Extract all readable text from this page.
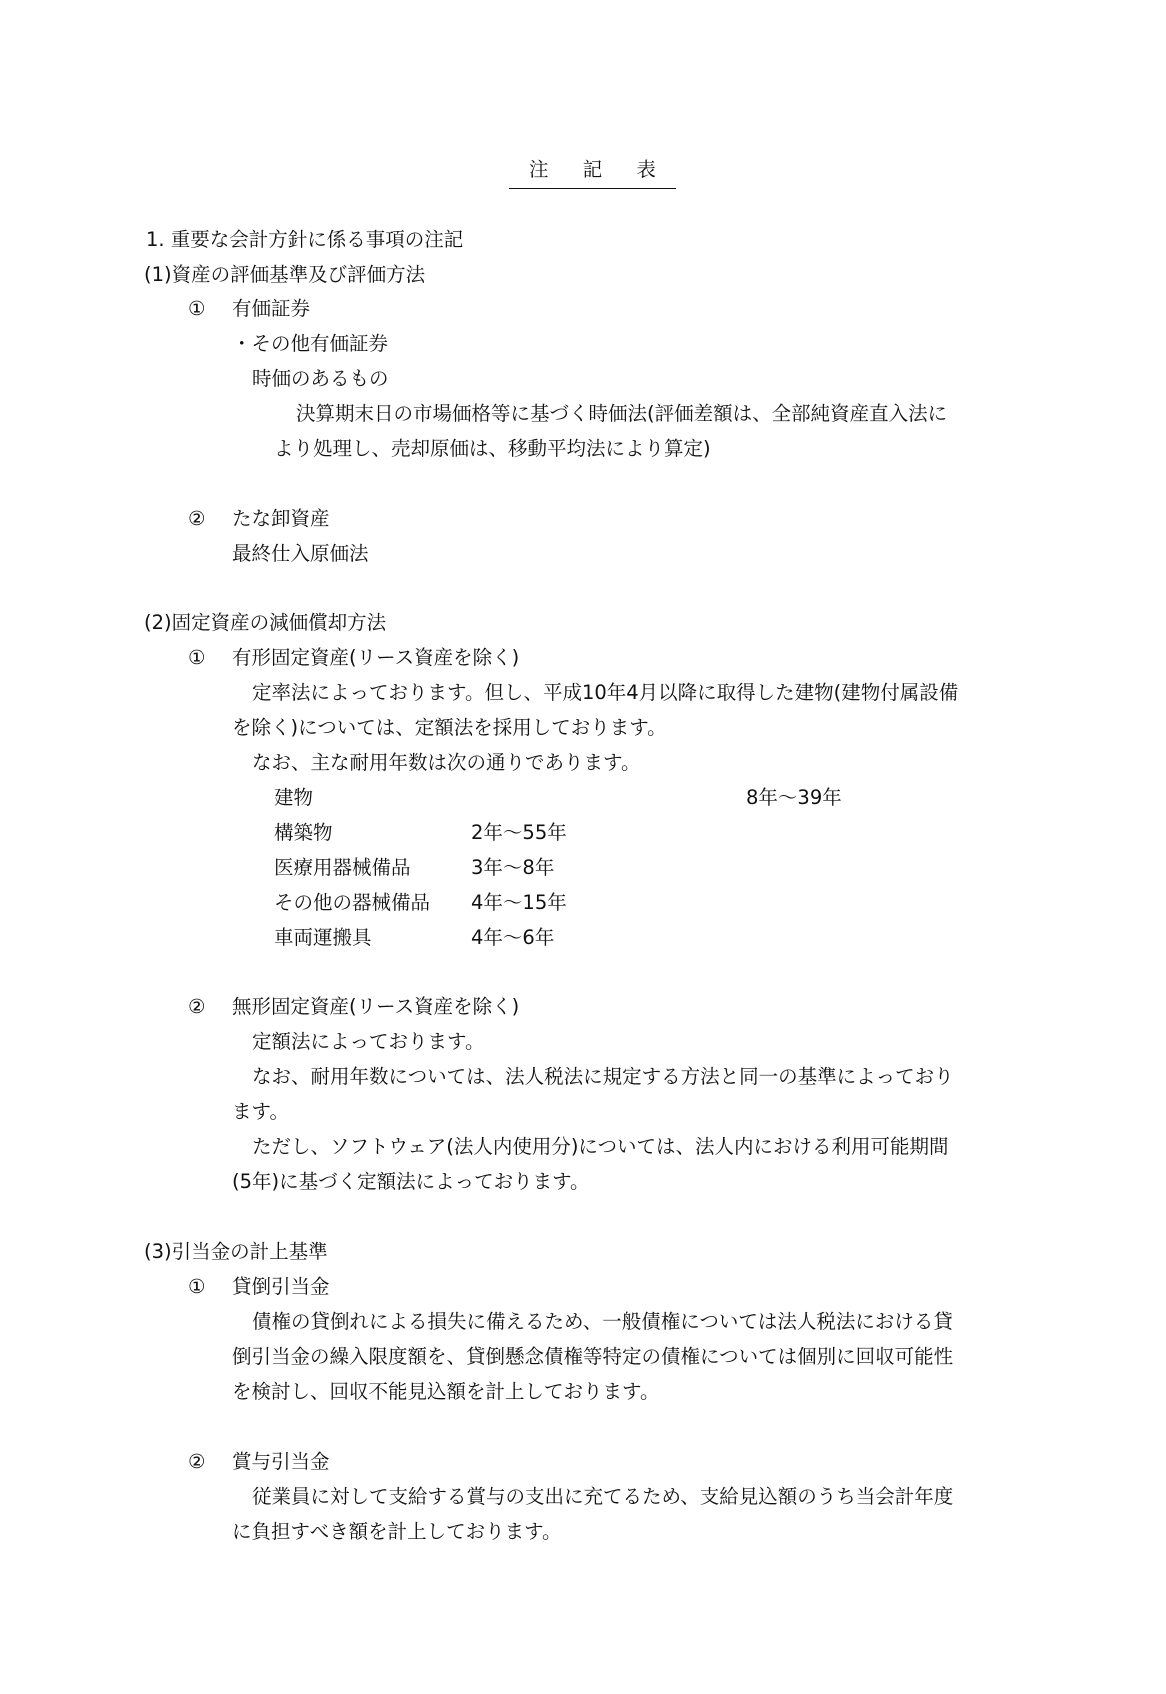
注 記 表
1. 重要な会計方針に係る事項の注記
(1)資産の評価基準及び評価方法
① 有価証券
・その他有価証券
時価のあるもの
決算期末日の市場価格等に基づく時価法(評価差額は、全部純資産直入法に
より処理し、売却原価は、移動平均法により算定)
② たな卸資産
最終仕入原価法
(2)固定資産の減価償却方法
① 有形固定資産(リース資産を除く)
定率法によっております。但し、平成10年4月以降に取得した建物(建物付属設備
を除く)については、定額法を採用しております。
なお、主な耐用年数は次の通りであります。
建物	8年～39年
構築物	2年～55年
医療用器械備品	3年～8年
その他の器械備品 4年～15年
車両運搬具	4年～6年
② 無形固定資産(リース資産を除く)
定額法によっております。
なお、耐用年数については、法人税法に規定する方法と同一の基準によっており
ます。
ただし、ソフトウェア(法人内使用分)については、法人内における利用可能期間
(5年)に基づく定額法によっております。
(3)引当金の計上基準
① 貸倒引当金
債権の貸倒れによる損失に備えるため、一般債権については法人税法における貸
倒引当金の繰入限度額を、貸倒懸念債権等特定の債権については個別に回収可能性
を検討し、回収不能見込額を計上しております。
② 賞与引当金
従業員に対して支給する賞与の支出に充てるため、支給見込額のうち当会計年度
に負担すべき額を計上しております。
